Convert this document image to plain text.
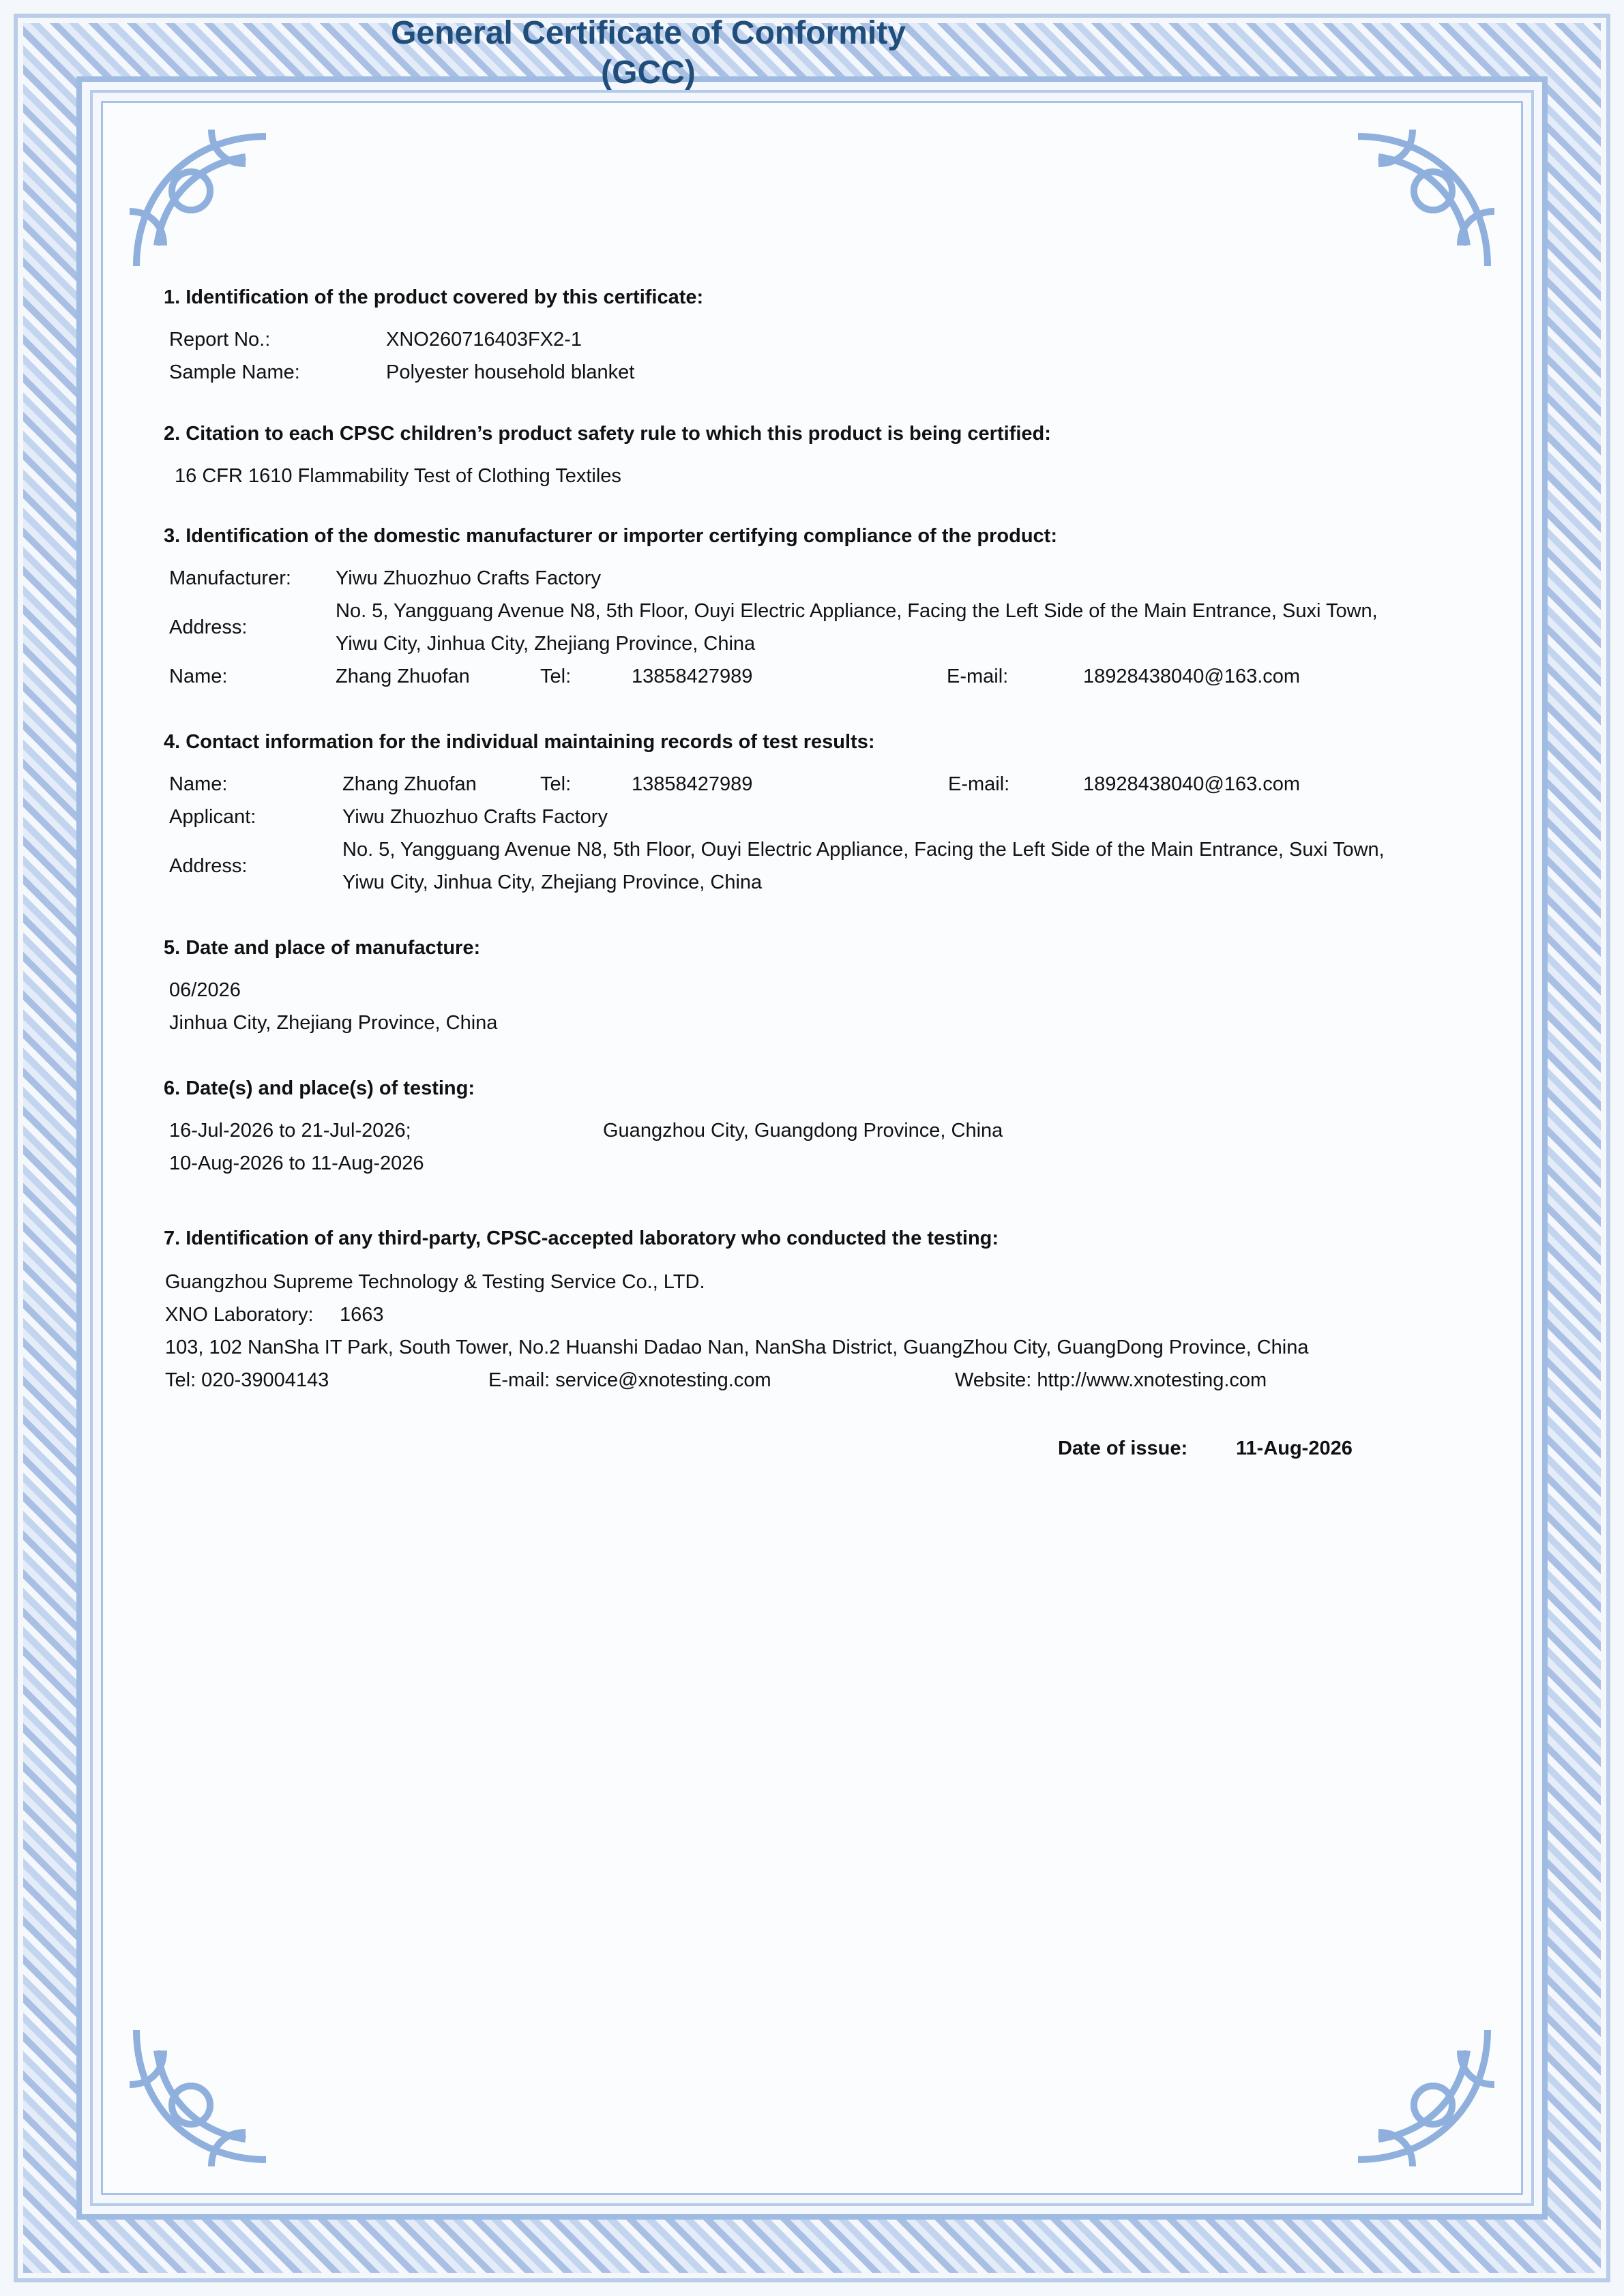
General Certificate of Conformity
(GCC)
1. Identification of the product covered by this certificate:
Report No.:	XNO260716403FX2-1
Sample Name:	Polyester household blanket
2. Citation to each CPSC children’s product safety rule to which this product is being certified:
16 CFR 1610 Flammability Test of Clothing Textiles
3. Identification of the domestic manufacturer or importer certifying compliance of the product:
Manufacturer: Yiwu Zhuozhuo Crafts Factory
Address:
No. 5, Yangguang Avenue N8, 5th Floor, Ouyi Electric Appliance, Facing the Left Side of the Main Entrance, Suxi Town,
Yiwu City, Jinhua City, Zhejiang Province, China
Name:	Zhang Zhuofan	Tel:	13858427989	E-mail:	18928438040@163.com
4. Contact information for the individual maintaining records of test results:
Name:	Zhang Zhuofan	Tel:	13858427989	E-mail:	18928438040@163.com
Applicant:	Yiwu Zhuozhuo Crafts Factory
Address:
No. 5, Yangguang Avenue N8, 5th Floor, Ouyi Electric Appliance, Facing the Left Side of the Main Entrance, Suxi Town,
Yiwu City, Jinhua City, Zhejiang Province, China
5. Date and place of manufacture:
06/2026
Jinhua City, Zhejiang Province, China
6. Date(s) and place(s) of testing:
16-Jul-2026 to 21-Jul-2026;	Guangzhou City, Guangdong Province, China
10-Aug-2026 to 11-Aug-2026
7. Identification of any third-party, CPSC-accepted laboratory who conducted the testing:
Guangzhou Supreme Technology & Testing Service Co., LTD.
XNO Laboratory: 1663
103, 102 NanSha IT Park, South Tower, No.2 Huanshi Dadao Nan, NanSha District, GuangZhou City, GuangDong Province, China
Tel: 020-39004143	E-mail: service@xnotesting.com	Website: http://www.xnotesting.com
Date of issue: 11-Aug-2026
